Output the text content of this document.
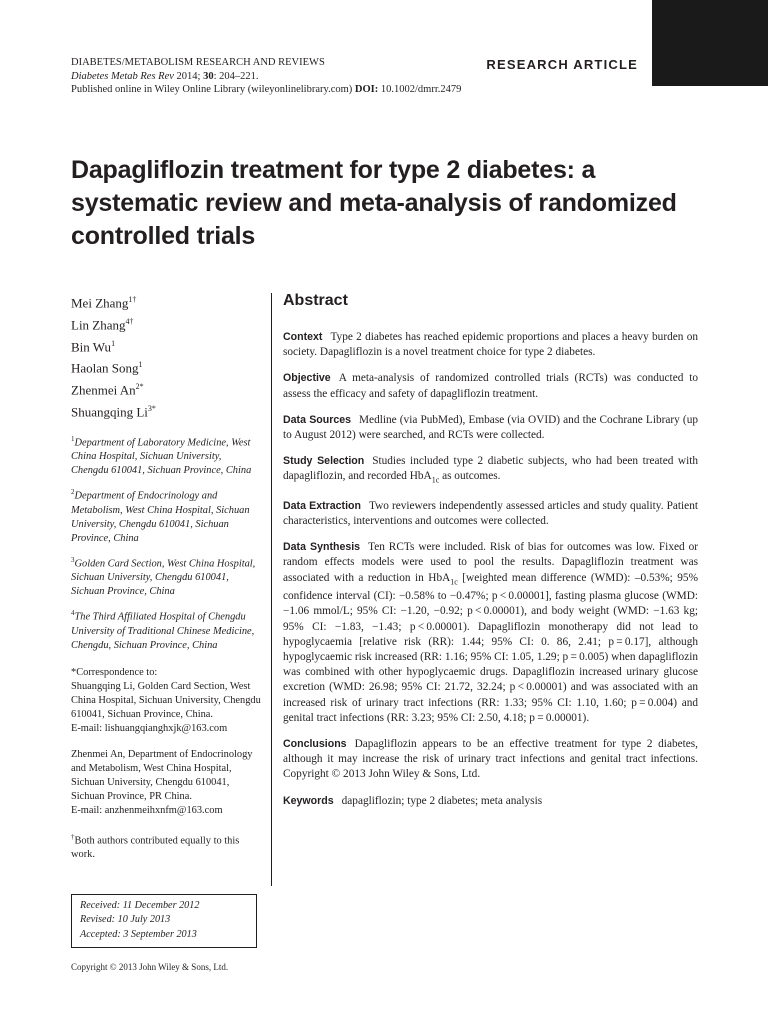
DIABETES/METABOLISM RESEARCH AND REVIEWS
Diabetes Metab Res Rev 2014; 30: 204–221.
Published online in Wiley Online Library (wileyonlinelibrary.com) DOI: 10.1002/dmrr.2479
RESEARCH ARTICLE
Dapagliflozin treatment for type 2 diabetes: a systematic review and meta-analysis of randomized controlled trials
Mei Zhang$^{1\dagger}$
Lin Zhang$^{4\dagger}$
Bin Wu$^1$
Haolan Song$^1$
Zhenmei $An^{2*}$
Shuangqing $Li^{3*}$
$^1$Department of Laboratory Medicine, West China Hospital, Sichuan University, Chengdu 610041, Sichuan Province, China
$^2$Department of Endocrinology and Metabolism, West China Hospital, Sichuan University, Chengdu 610041, Sichuan Province, China
$^3$Golden Card Section, West China Hospital, Sichuan University, Chengdu 610041, Sichuan Province, China
$^4$The Third Affiliated Hospital of Chengdu University of Traditional Chinese Medicine, Chengdu, Sichuan Province, China

*Correspondence to:
Shuangqing Li, Golden Card Section, West China Hospital, Sichuan University, Chengdu 610041, Sichuan Province, China.
E-mail: lishuangqianghxjk@163.com

Zhenmei An, Department of Endocrinology and Metabolism, West China Hospital, Sichuan University, Chengdu 610041, Sichuan Province, PR China.
E-mail: anzhenmeihxnfm@163.com

†Both authors contributed equally to this work.

Received: 11 December 2012
Revised: 10 July 2013
Accepted: 3 September 2013
Copyright © 2013 John Wiley & Sons, Ltd.
Abstract

Context Type 2 diabetes has reached epidemic proportions and places a heavy burden on society. Dapagliflozin is a novel treatment choice for type 2 diabetes.

Objective A meta-analysis of randomized controlled trials (RCTs) was conducted to assess the efficacy and safety of dapagliflozin treatment.

Data Sources Medline (via PubMed), Embase (via OVID) and the Cochrane Library (up to August 2012) were searched, and RCTs were collected.

Study Selection Studies included type 2 diabetic subjects, who had been treated with dapagliflozin, and recorded HbA$_{1c}$ as outcomes.

Data Extraction Two reviewers independently assessed articles and study quality. Patient characteristics, interventions and outcomes were collected.

Data Synthesis Ten RCTs were included. Risk of bias for outcomes was low. Fixed or random effects models were used to pool the results. Dapagliflozin treatment was associated with a reduction in HbA$_{1c}$ [weighted mean difference (WMD): –0.53%; 95% confidence interval (CI): −0.58% to −0.47%; p < 0.00001], fasting plasma glucose (WMD: −1.06 mmol/L; 95% CI: −1.20, −0.92; p < 0.00001), and body weight (WMD: −1.63 kg; 95% CI: −1.83, −1.43; p < 0.00001). Dapagliflozin monotherapy did not lead to hypoglycaemia [relative risk (RR): 1.44; 95% CI: 0. 86, 2.41; p = 0.17], although hypoglycaemic risk increased (RR: 1.16; 95% CI: 1.05, 1.29; p = 0.005) when dapagliflozin was combined with other hypoglycaemic drugs. Dapagliflozin increased urinary glucose excretion (WMD: 26.98; 95% CI: 21.72, 32.24; p < 0.00001) and was associated with an increased risk of urinary tract infections (RR: 1.33; 95% CI: 1.10, 1.60; p = 0.004) and genital tract infections (RR: 3.23; 95% CI: 2.50, 4.18; p = 0.00001).

Conclusions Dapagliflozin appears to be an effective treatment for type 2 diabetes, although it may increase the risk of urinary tract infections and genital tract infections. Copyright © 2013 John Wiley & Sons, Ltd.

Keywords dapagliflozin; type 2 diabetes; meta analysis
